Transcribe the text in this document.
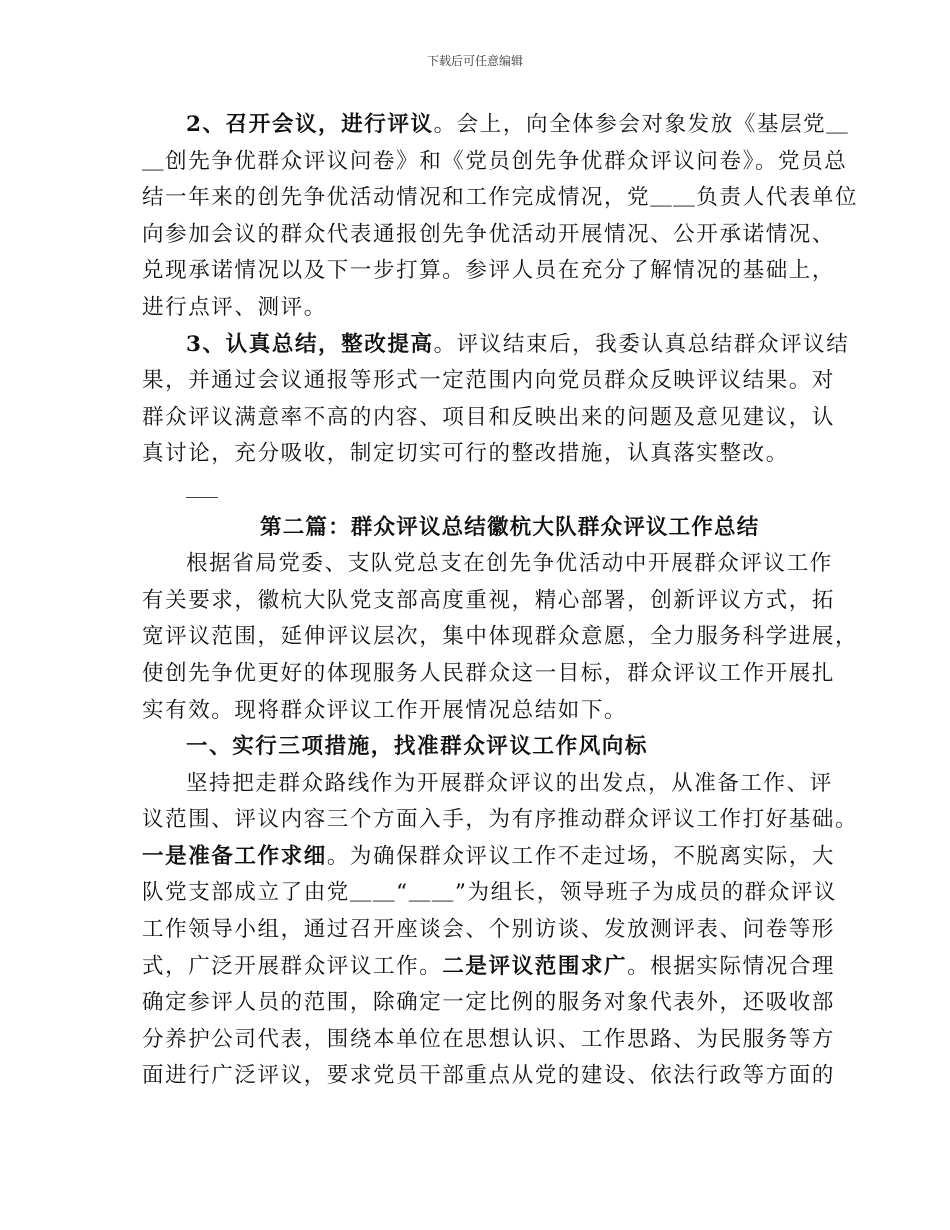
下载后可任意编辑
2、召开会议，进行评议。会上，向全体参会对象发放《基层党＿
＿创先争优群众评议问卷》和《党员创先争优群众评议问卷》。党员总
结一年来的创先争优活动情况和工作完成情况，党＿＿负责人代表单位
向参加会议的群众代表通报创先争优活动开展情况、公开承诺情况、
兑现承诺情况以及下一步打算。参评人员在充分了解情况的基础上，
进行点评、测评。
3、认真总结，整改提高。评议结束后，我委认真总结群众评议结
果，并通过会议通报等形式一定范围内向党员群众反映评议结果。对
群众评议满意率不高的内容、项目和反映出来的问题及意见建议，认
真讨论，充分吸收，制定切实可行的整改措施，认真落实整改。
第二篇：群众评议总结徽杭大队群众评议工作总结
根据省局党委、支队党总支在创先争优活动中开展群众评议工作
有关要求，徽杭大队党支部高度重视，精心部署，创新评议方式，拓
宽评议范围，延伸评议层次，集中体现群众意愿，全力服务科学进展，
使创先争优更好的体现服务人民群众这一目标，群众评议工作开展扎
实有效。现将群众评议工作开展情况总结如下。
一、实行三项措施，找准群众评议工作风向标
坚持把走群众路线作为开展群众评议的出发点，从准备工作、评
议范围、评议内容三个方面入手，为有序推动群众评议工作打好基础。
一是准备工作求细。为确保群众评议工作不走过场，不脱离实际，大
队党支部成立了由党＿＿“＿＿”为组长，领导班子为成员的群众评议
工作领导小组，通过召开座谈会、个别访谈、发放测评表、问卷等形
式，广泛开展群众评议工作。二是评议范围求广。根据实际情况合理
确定参评人员的范围，除确定一定比例的服务对象代表外，还吸收部
分养护公司代表，围绕本单位在思想认识、工作思路、为民服务等方
面进行广泛评议，要求党员干部重点从党的建设、依法行政等方面的
